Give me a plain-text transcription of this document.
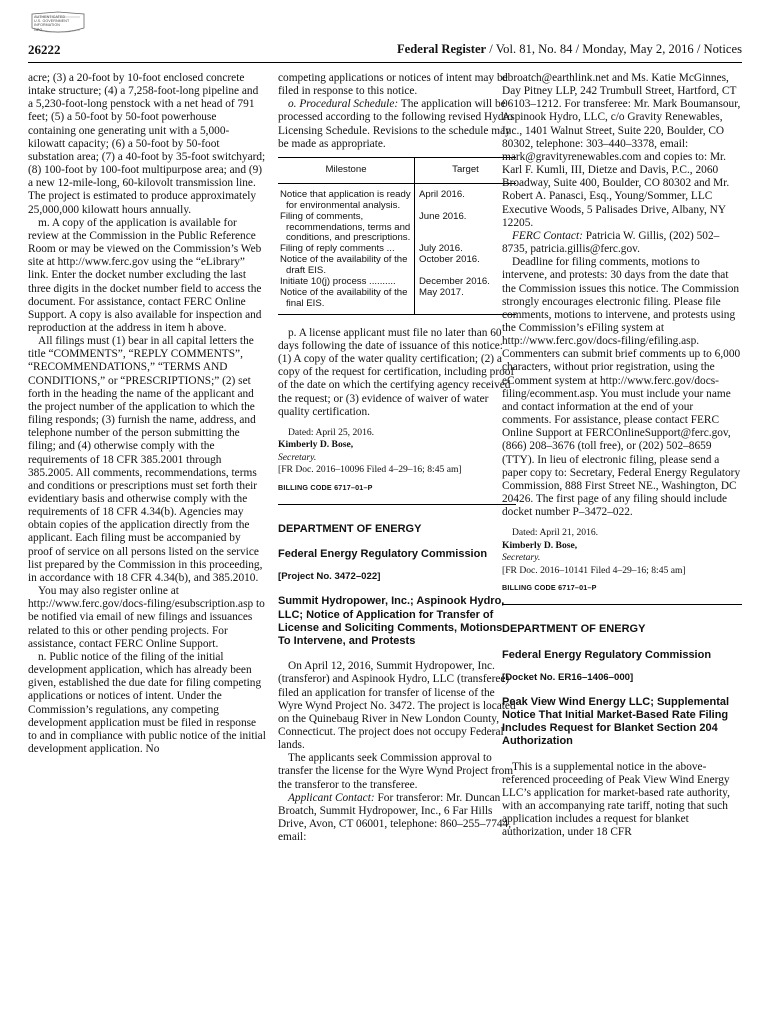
AUTHENTICATED
U.S. GOVERNMENT
INFORMATION
GPO
26222	Federal Register / Vol. 81, No. 84 / Monday, May 2, 2016 / Notices

acre; (3) a 20-foot by 10-foot enclosed concrete intake structure; (4) a 7,258-foot-long pipeline and a 5,230-foot-long penstock with a net head of 791 feet; (5) a 50-foot by 50-foot powerhouse containing one generating unit with a 5,000-kilowatt capacity; (6) a 50-foot by 50-foot substation area; (7) a 40-foot by 35-foot switchyard; (8) 100-foot by 100-foot multipurpose area; and (9) a new 12-mile-long, 60-kilovolt transmission line. The project is estimated to produce approximately 25,000,000 kilowatt hours annually.

m. A copy of the application is available for review at the Commission in the Public Reference Room or may be viewed on the Commission’s Web site at http://www.ferc.gov using the “eLibrary” link. Enter the docket number excluding the last three digits in the docket number field to access the document. For assistance, contact FERC Online Support. A copy is also available for inspection and reproduction at the address in item h above.

All filings must (1) bear in all capital letters the title “COMMENTS”, “REPLY COMMENTS”, “RECOMMENDATIONS,” “TERMS AND CONDITIONS,” or “PRESCRIPTIONS;” (2) set forth in the heading the name of the applicant and the project number of the application to which the filing responds; (3) furnish the name, address, and telephone number of the person submitting the filing; and (4) otherwise comply with the requirements of 18 CFR 385.2001 through 385.2005. All comments, recommendations, terms and conditions or prescriptions must set forth their evidentiary basis and otherwise comply with the requirements of 18 CFR 4.34(b). Agencies may obtain copies of the application directly from the applicant. Each filing must be accompanied by proof of service on all persons listed on the service list prepared by the Commission in this proceeding, in accordance with 18 CFR 4.34(b), and 385.2010.

You may also register online at http://www.ferc.gov/docs-filing/esubscription.asp to be notified via email of new filings and issuances related to this or other pending projects. For assistance, contact FERC Online Support.

n. Public notice of the filing of the initial development application, which has already been given, established the due date for filing competing applications or notices of intent. Under the Commission’s regulations, any competing development application must be filed in response to and in compliance with public notice of the initial development application. No

competing applications or notices of intent may be filed in response to this notice.

o. Procedural Schedule: The application will be processed according to the following revised Hydro Licensing Schedule. Revisions to the schedule may be made as appropriate.

Milestone	Target
Notice that application is ready for environmental analysis.	April 2016.
Filing of comments, recommendations, terms and conditions, and prescriptions.	June 2016.
Filing of reply comments ...	July 2016.
Notice of the availability of the draft EIS.	October 2016.
Initiate 10(j) process ..........	December 2016.
Notice of the availability of the final EIS.	May 2017.

p. A license applicant must file no later than 60 days following the date of issuance of this notice: (1) A copy of the water quality certification; (2) a copy of the request for certification, including proof of the date on which the certifying agency received the request; or (3) evidence of waiver of water quality certification.

Dated: April 25, 2016.

Kimberly D. Bose,

Secretary.

[FR Doc. 2016–10096 Filed 4–29–16; 8:45 am]

BILLING CODE 6717–01–P

DEPARTMENT OF ENERGY

Federal Energy Regulatory Commission

[Project No. 3472–022]

Summit Hydropower, Inc.; Aspinook Hydro, LLC; Notice of Application for Transfer of License and Soliciting Comments, Motions To Intervene, and Protests

On April 12, 2016, Summit Hydropower, Inc. (transferor) and Aspinook Hydro, LLC (transferee) filed an application for transfer of license of the Wyre Wynd Project No. 3472. The project is located on the Quinebaug River in New London County, Connecticut. The project does not occupy Federal lands.

The applicants seek Commission approval to transfer the license for the Wyre Wynd Project from the transferor to the transferee.

Applicant Contact: For transferor: Mr. Duncan Broatch, Summit Hydropower, Inc., 6 Far Hills Drive, Avon, CT 06001, telephone: 860–255–7744, email:

dbroatch@earthlink.net and Ms. Katie McGinnes, Day Pitney LLP, 242 Trumbull Street, Hartford, CT 06103–1212. For transferee: Mr. Mark Boumansour, Aspinook Hydro, LLC, c/o Gravity Renewables, Inc., 1401 Walnut Street, Suite 220, Boulder, CO 80302, telephone: 303–440–3378, email: mark@gravityrenewables.com and copies to: Mr. Karl F. Kumli, III, Dietze and Davis, P.C., 2060 Broadway, Suite 400, Boulder, CO 80302 and Mr. Robert A. Panasci, Esq., Young/Sommer, LLC Executive Woods, 5 Palisades Drive, Albany, NY 12205.

FERC Contact: Patricia W. Gillis, (202) 502–8735, patricia.gillis@ferc.gov.

Deadline for filing comments, motions to intervene, and protests: 30 days from the date that the Commission issues this notice. The Commission strongly encourages electronic filing. Please file comments, motions to intervene, and protests using the Commission’s eFiling system at http://www.ferc.gov/docs-filing/efiling.asp. Commenters can submit brief comments up to 6,000 characters, without prior registration, using the eComment system at http://www.ferc.gov/docs-filing/ecomment.asp. You must include your name and contact information at the end of your comments. For assistance, please contact FERC Online Support at FERCOnlineSupport@ferc.gov, (866) 208–3676 (toll free), or (202) 502–8659 (TTY). In lieu of electronic filing, please send a paper copy to: Secretary, Federal Energy Regulatory Commission, 888 First Street NE., Washington, DC 20426. The first page of any filing should include docket number P–3472–022.

Dated: April 21, 2016.

Kimberly D. Bose,

Secretary.

[FR Doc. 2016–10141 Filed 4–29–16; 8:45 am]

BILLING CODE 6717–01–P

DEPARTMENT OF ENERGY

Federal Energy Regulatory Commission

[Docket No. ER16–1406–000]

Peak View Wind Energy LLC; Supplemental Notice That Initial Market-Based Rate Filing Includes Request for Blanket Section 204 Authorization

This is a supplemental notice in the above-referenced proceeding of Peak View Wind Energy LLC’s application for market-based rate authority, with an accompanying rate tariff, noting that such application includes a request for blanket authorization, under 18 CFR
